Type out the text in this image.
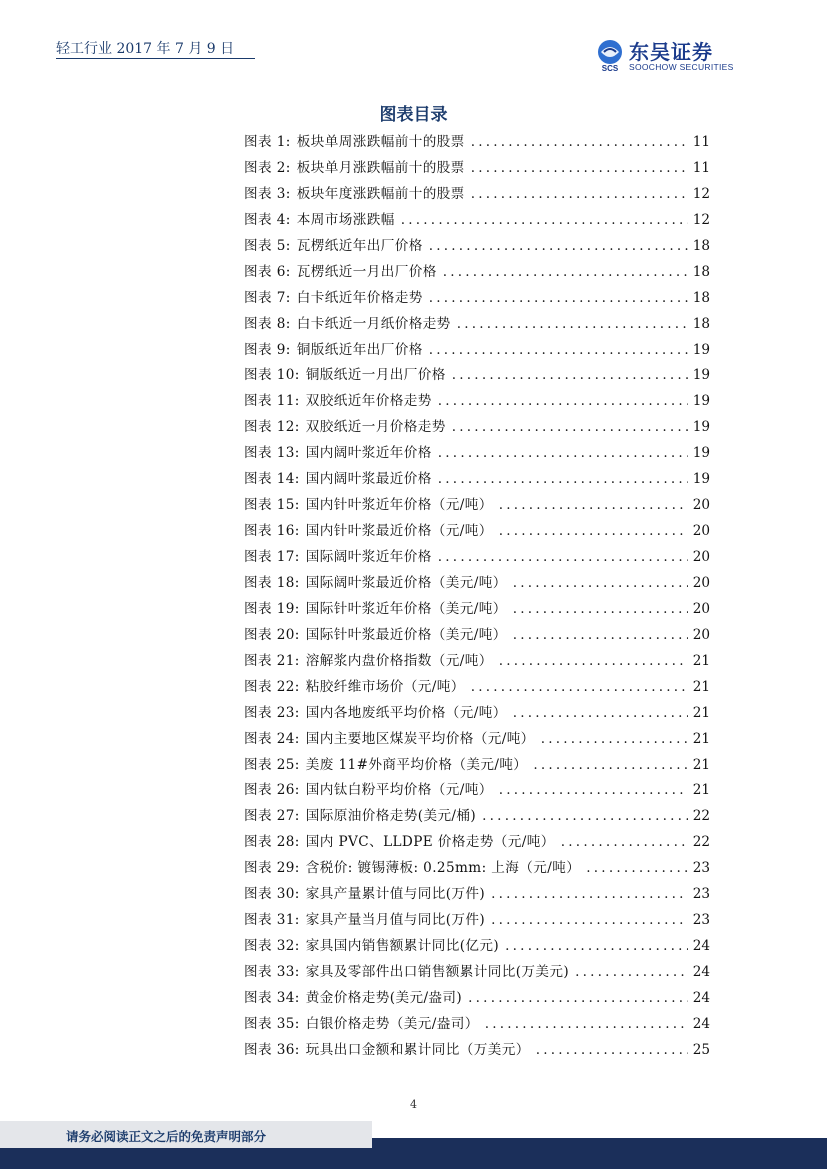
轻工行业 2017 年 7 月 9 日
SCS
东吴证券
SOOCHOW SECURITIES
图表目录
图表 1: 板块单周涨跌幅前十的股票 .....	11
图表 2: 板块单月涨跌幅前十的股票 .....	11
图表 3: 板块年度涨跌幅前十的股票 .....	12
图表 4: 本周市场涨跌幅 .....	12
图表 5: 瓦楞纸近年出厂价格 .....	18
图表 6: 瓦楞纸近一月出厂价格 .....	18
图表 7: 白卡纸近年价格走势 .....	18
图表 8: 白卡纸近一月纸价格走势 .....	18
图表 9: 铜版纸近年出厂价格 .....	19
图表 10: 铜版纸近一月出厂价格 .....	19
图表 11: 双胶纸近年价格走势 .....	19
图表 12: 双胶纸近一月价格走势 .....	19
图表 13: 国内阔叶浆近年价格 .....	19
图表 14: 国内阔叶浆最近价格 .....	19
图表 15: 国内针叶浆近年价格（元/吨） .....	20
图表 16: 国内针叶浆最近价格（元/吨） .....	20
图表 17: 国际阔叶浆近年价格 .....	20
图表 18: 国际阔叶浆最近价格（美元/吨） .....	20
图表 19: 国际针叶浆近年价格（美元/吨） .....	20
图表 20: 国际针叶浆最近价格（美元/吨） .....	20
图表 21: 溶解浆内盘价格指数（元/吨） .....	21
图表 22: 粘胶纤维市场价（元/吨） .....	21
图表 23: 国内各地废纸平均价格（元/吨） .....	21
图表 24: 国内主要地区煤炭平均价格（元/吨） .....	21
图表 25: 美废 11#外商平均价格（美元/吨） .....	21
图表 26: 国内钛白粉平均价格（元/吨） .....	21
图表 27: 国际原油价格走势(美元/桶) .....	22
图表 28: 国内 PVC、LLDPE 价格走势（元/吨） .....	22
图表 29: 含税价: 镀锡薄板: 0.25mm: 上海（元/吨） .....	23
图表 30: 家具产量累计值与同比(万件) .....	23
图表 31: 家具产量当月值与同比(万件) .....	23
图表 32: 家具国内销售额累计同比(亿元) .....	24
图表 33: 家具及零部件出口销售额累计同比(万美元) .....	24
图表 34: 黄金价格走势(美元/盎司) .....	24
图表 35: 白银价格走势（美元/盎司） .....	24
图表 36: 玩具出口金额和累计同比（万美元） .....	25
4
请务必阅读正文之后的免责声明部分
